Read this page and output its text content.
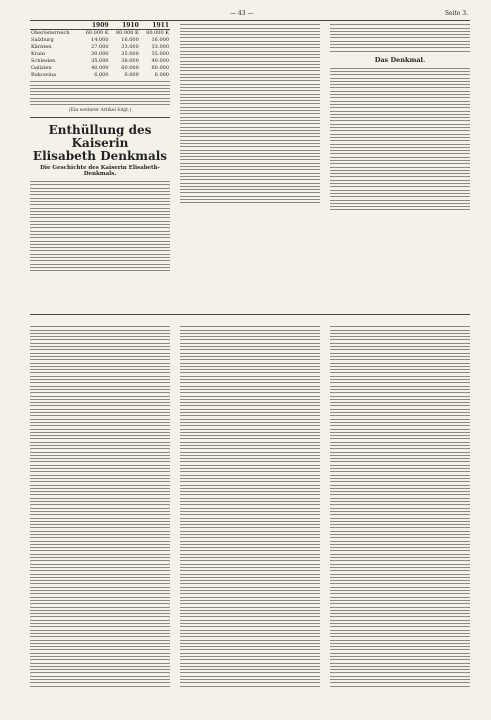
— 43 —	Seite 3.
	1909	1910	1911
Oberösterreich	60.000 K	80.000 K	80.000 K
Salzburg	14.000	16.000	16.000
Kärnten	27.000	33.000	33.000
Krain	30.000	35.000	35.000
Schlesien	35.000	36.000	40.000
Galizien	40.000	60.000	60.000
Bukowina	6.000	6.000	6.000
(Ein weiterer Artikel folgt.)
Enthüllung des Kaiserin
Elisabeth Denkmals
Die Geschichte des Kaiserin Elisabeth-Denkmals.
Das Denkmal.
